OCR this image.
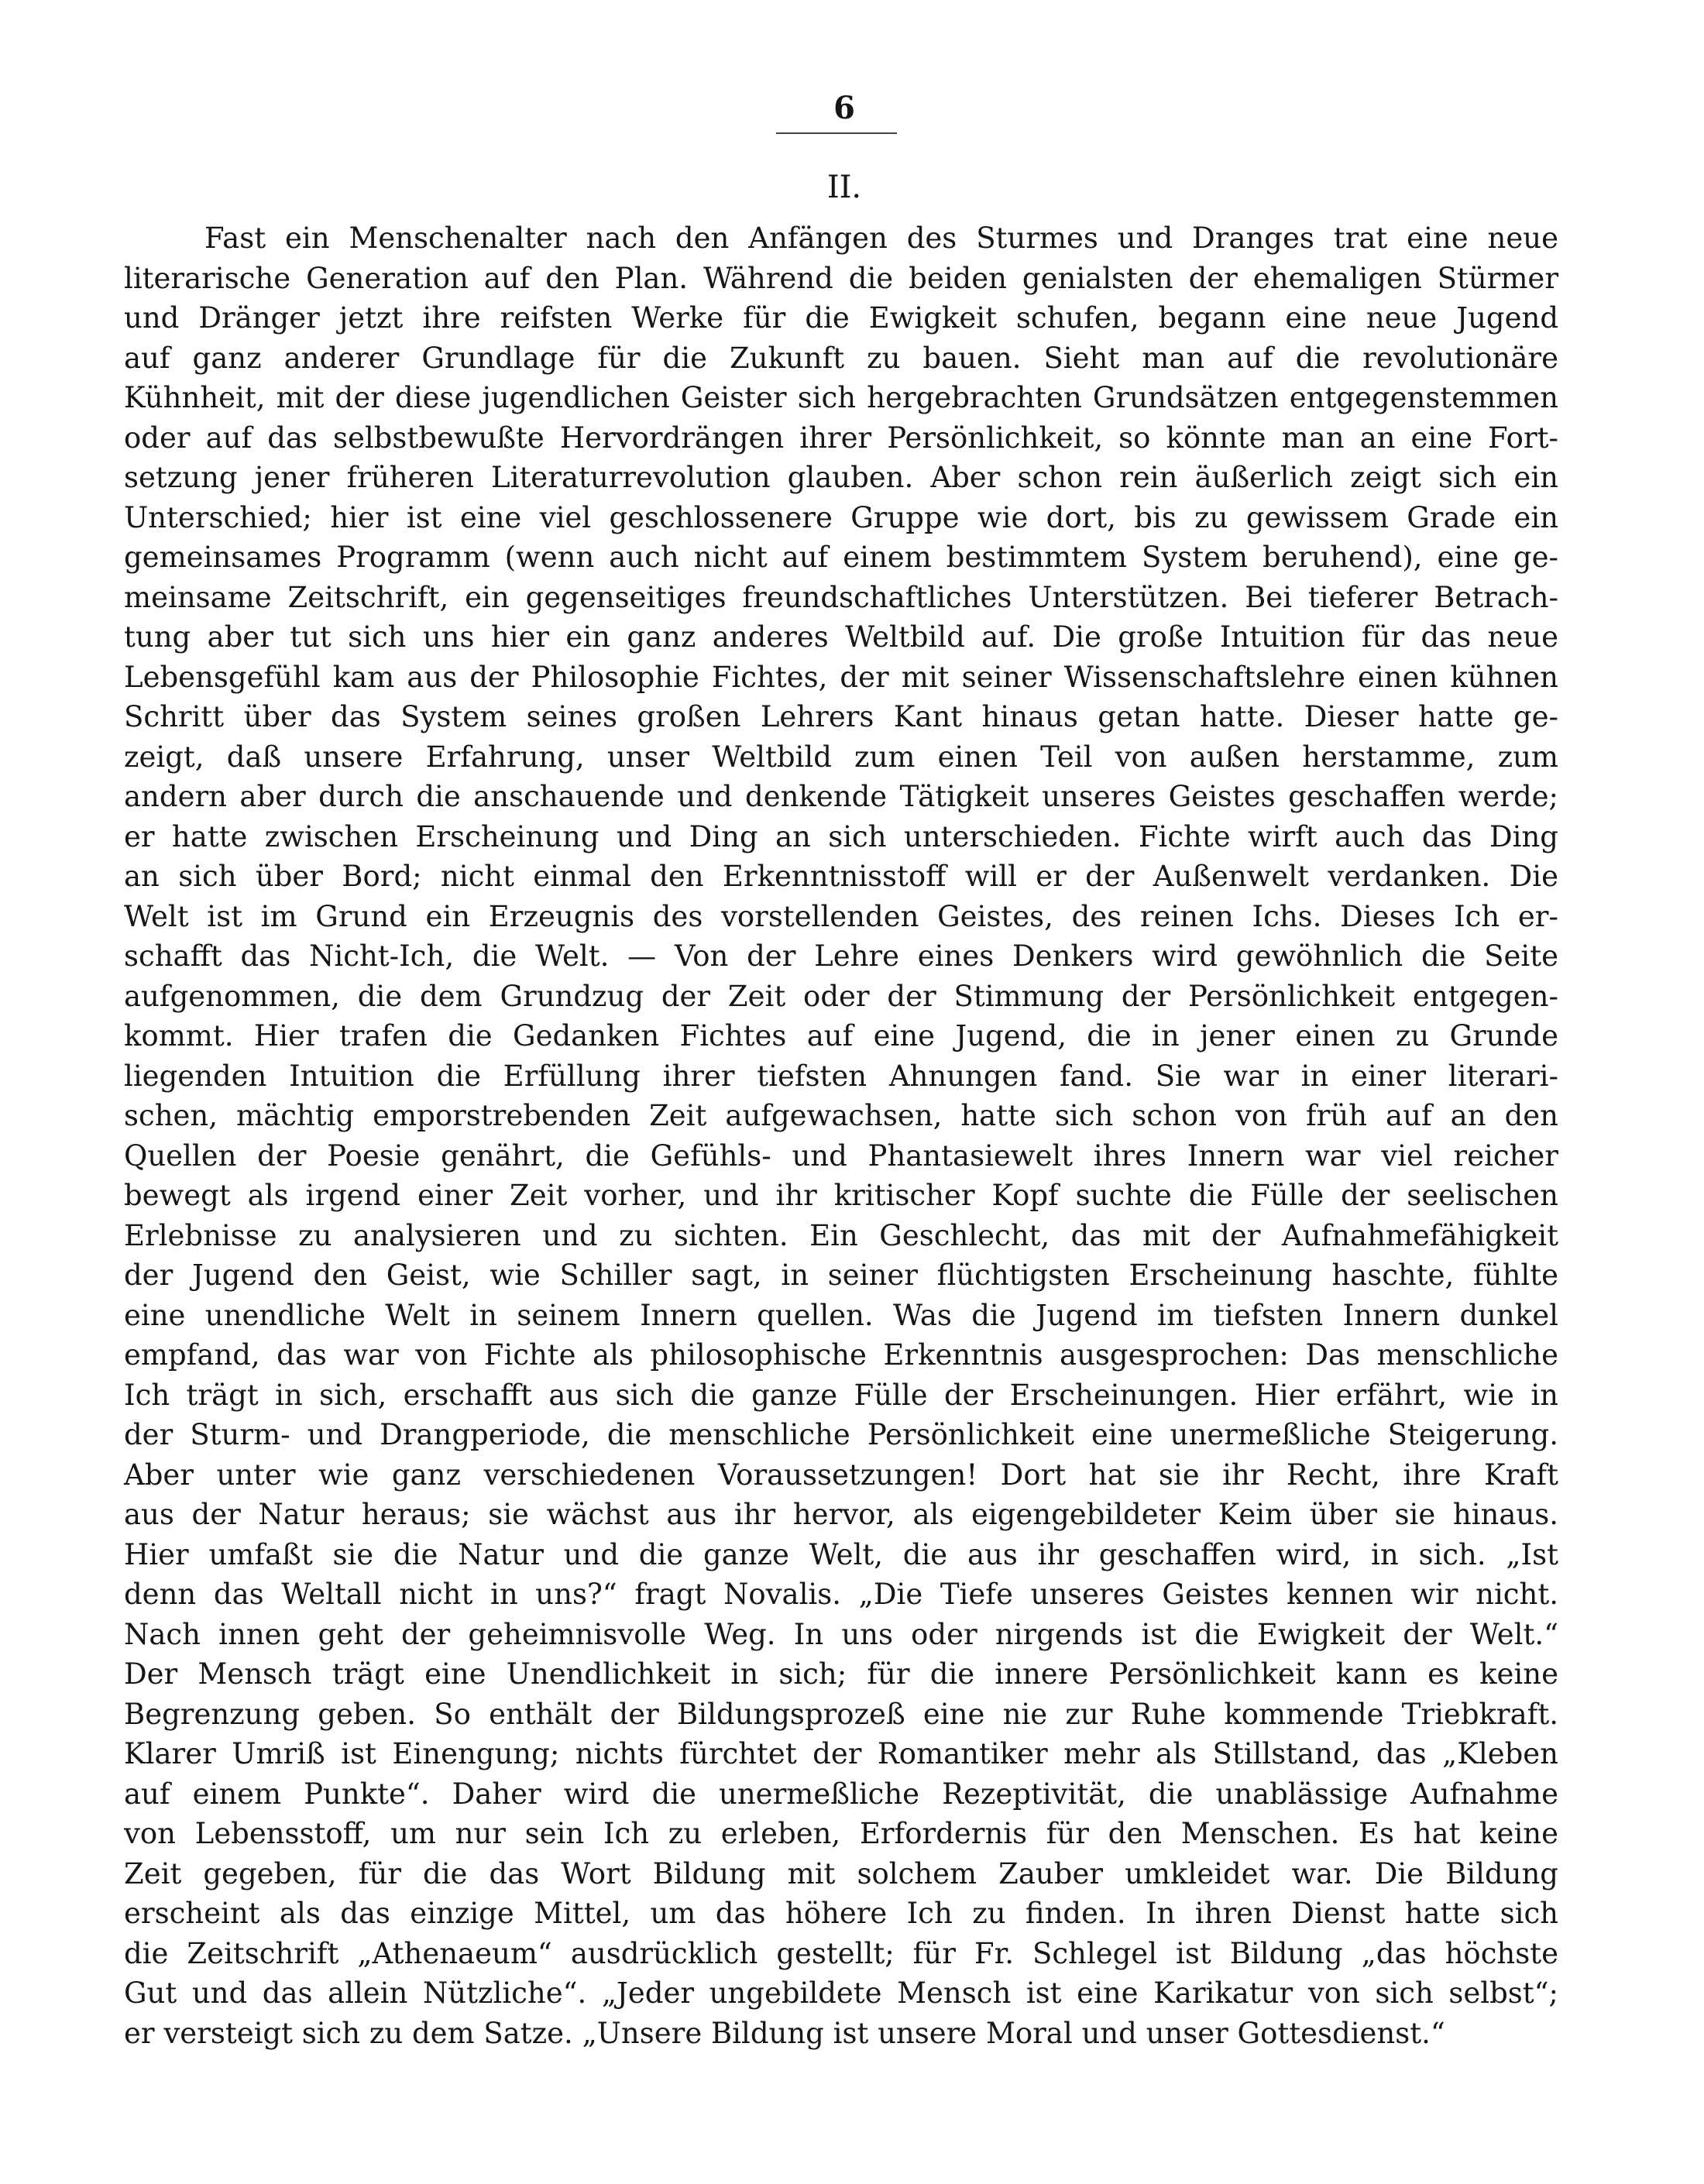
6
II.
Fast ein Menschenalter nach den Anfängen des Sturmes und Dranges trat eine neue
literarische Generation auf den Plan. Während die beiden genialsten der ehemaligen Stürmer
und Dränger jetzt ihre reifsten Werke für die Ewigkeit schufen, begann eine neue Jugend
auf ganz anderer Grundlage für die Zukunft zu bauen. Sieht man auf die revolutionäre
Kühnheit, mit der diese jugendlichen Geister sich hergebrachten Grundsätzen entgegenstemmen
oder auf das selbstbewußte Hervordrängen ihrer Persönlichkeit, so könnte man an eine Fort-
setzung jener früheren Literaturrevolution glauben. Aber schon rein äußerlich zeigt sich ein
Unterschied; hier ist eine viel geschlossenere Gruppe wie dort, bis zu gewissem Grade ein
gemeinsames Programm (wenn auch nicht auf einem bestimmtem System beruhend), eine ge-
meinsame Zeitschrift, ein gegenseitiges freundschaftliches Unterstützen. Bei tieferer Betrach-
tung aber tut sich uns hier ein ganz anderes Weltbild auf. Die große Intuition für das neue
Lebensgefühl kam aus der Philosophie Fichtes, der mit seiner Wissenschaftslehre einen kühnen
Schritt über das System seines großen Lehrers Kant hinaus getan hatte. Dieser hatte ge-
zeigt, daß unsere Erfahrung, unser Weltbild zum einen Teil von außen herstamme, zum
andern aber durch die anschauende und denkende Tätigkeit unseres Geistes geschaffen werde;
er hatte zwischen Erscheinung und Ding an sich unterschieden. Fichte wirft auch das Ding
an sich über Bord; nicht einmal den Erkenntnisstoff will er der Außenwelt verdanken. Die
Welt ist im Grund ein Erzeugnis des vorstellenden Geistes, des reinen Ichs. Dieses Ich er-
schafft das Nicht-Ich, die Welt. — Von der Lehre eines Denkers wird gewöhnlich die Seite
aufgenommen, die dem Grundzug der Zeit oder der Stimmung der Persönlichkeit entgegen-
kommt. Hier trafen die Gedanken Fichtes auf eine Jugend, die in jener einen zu Grunde
liegenden Intuition die Erfüllung ihrer tiefsten Ahnungen fand. Sie war in einer literari-
schen, mächtig emporstrebenden Zeit aufgewachsen, hatte sich schon von früh auf an den
Quellen der Poesie genährt, die Gefühls- und Phantasiewelt ihres Innern war viel reicher
bewegt als irgend einer Zeit vorher, und ihr kritischer Kopf suchte die Fülle der seelischen
Erlebnisse zu analysieren und zu sichten. Ein Geschlecht, das mit der Aufnahmefähigkeit
der Jugend den Geist, wie Schiller sagt, in seiner flüchtigsten Erscheinung haschte, fühlte
eine unendliche Welt in seinem Innern quellen. Was die Jugend im tiefsten Innern dunkel
empfand, das war von Fichte als philosophische Erkenntnis ausgesprochen: Das menschliche
Ich trägt in sich, erschafft aus sich die ganze Fülle der Erscheinungen. Hier erfährt, wie in
der Sturm- und Drangperiode, die menschliche Persönlichkeit eine unermeßliche Steigerung.
Aber unter wie ganz verschiedenen Voraussetzungen! Dort hat sie ihr Recht, ihre Kraft
aus der Natur heraus; sie wächst aus ihr hervor, als eigengebildeter Keim über sie hinaus.
Hier umfaßt sie die Natur und die ganze Welt, die aus ihr geschaffen wird, in sich. „Ist
denn das Weltall nicht in uns?“ fragt Novalis. „Die Tiefe unseres Geistes kennen wir nicht.
Nach innen geht der geheimnisvolle Weg. In uns oder nirgends ist die Ewigkeit der Welt.“
Der Mensch trägt eine Unendlichkeit in sich; für die innere Persönlichkeit kann es keine
Begrenzung geben. So enthält der Bildungsprozeß eine nie zur Ruhe kommende Triebkraft.
Klarer Umriß ist Einengung; nichts fürchtet der Romantiker mehr als Stillstand, das „Kleben
auf einem Punkte“. Daher wird die unermeßliche Rezeptivität, die unablässige Aufnahme
von Lebensstoff, um nur sein Ich zu erleben, Erfordernis für den Menschen. Es hat keine
Zeit gegeben, für die das Wort Bildung mit solchem Zauber umkleidet war. Die Bildung
erscheint als das einzige Mittel, um das höhere Ich zu finden. In ihren Dienst hatte sich
die Zeitschrift „Athenaeum“ ausdrücklich gestellt; für Fr. Schlegel ist Bildung „das höchste
Gut und das allein Nützliche“. „Jeder ungebildete Mensch ist eine Karikatur von sich selbst“;
er versteigt sich zu dem Satze. „Unsere Bildung ist unsere Moral und unser Gottesdienst.“
